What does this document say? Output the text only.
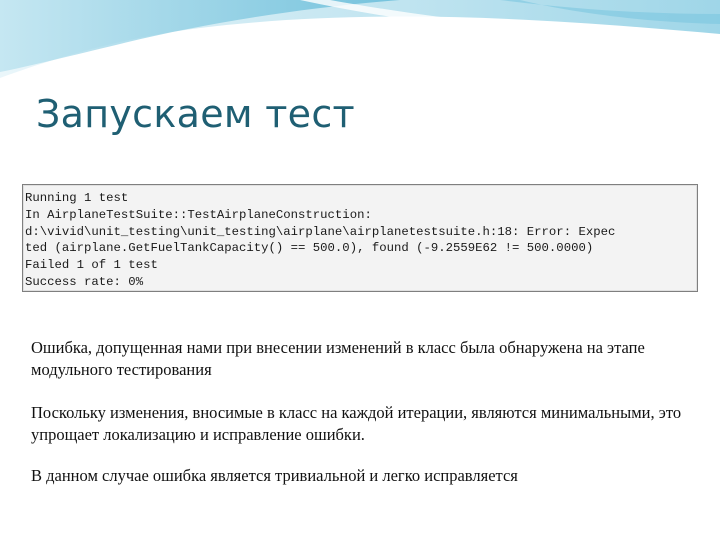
Запускаем тест
Running 1 test
In AirplaneTestSuite::TestAirplaneConstruction:
d:\vivid\unit_testing\unit_testing\airplane\airplanetestsuite.h:18: Error: Expec
ted (airplane.GetFuelTankCapacity() == 500.0), found (-9.2559E62 != 500.0000)
Failed 1 of 1 test
Success rate: 0%
Ошибка, допущенная нами при внесении изменений в класс была обнаружена на этапе модульного тестирования
Поскольку изменения, вносимые в класс на каждой итерации, являются минимальными, это упрощает локализацию и исправление ошибки.
В данном случае ошибка является тривиальной и легко исправляется
